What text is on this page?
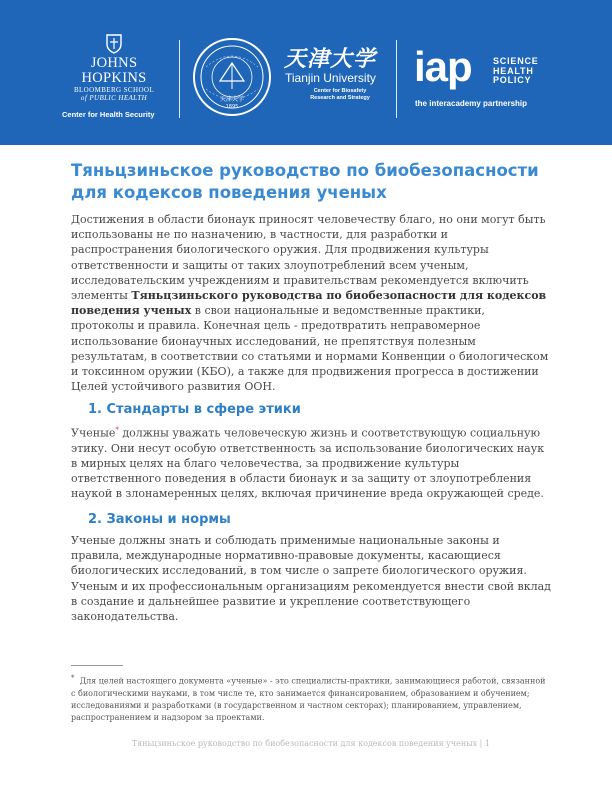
JOHNS HOPKINS
BLOOMBERG SCHOOL
of PUBLIC HEALTH
Center for Health Security
天津大学
1895
天津大学
Tianjin University
Center for Biosafety
Research and Strategy
iap SCIENCE
HEALTH
POLICY
the interacademy partnership
Тяньцзиньское руководство по биобезопасности для кодексов поведения ученых

Достижения в области бионаук приносят человечеству благо, но они могут быть использованы не по назначению, в частности, для разработки и распространения биологического оружия. Для продвижения культуры ответственности и защиты от таких злоупотреблений всем ученым, исследовательским учреждениям и правительствам рекомендуется включить элементы Тяньцзиньского руководства по биобезопасности для кодексов поведения ученых в свои национальные и ведомственные практики, протоколы и правила. Конечная цель - предотвратить неправомерное использование бионаучных исследований, не препятствуя полезным результатам, в соответствии со статьями и нормами Конвенции о биологическом и токсинном оружии (КБО), а также для продвижения прогресса в достижении Целей устойчивого развития ООН.

1. Стандарты в сфере этики

Ученые* должны уважать человеческую жизнь и соответствующую социальную этику. Они несут особую ответственность за использование биологических наук в мирных целях на благо человечества, за продвижение культуры ответственного поведения в области бионаук и за защиту от злоупотребления наукой в злонамеренных целях, включая причинение вреда окружающей среде.

2. Законы и нормы

Ученые должны знать и соблюдать применимые национальные законы и правила, международные нормативно-правовые документы, касающиеся биологических исследований, в том числе о запрете биологического оружия. Ученым и их профессиональным организациям рекомендуется внести свой вклад в создание и дальнейшее развитие и укрепление соответствующего законодательства.

* Для целей настоящего документа «ученые» - это специалисты-практики, занимающиеся работой, связанной с биологическими науками, в том числе те, кто занимается финансированием, образованием и обучением; исследованиями и разработками (в государственном и частном секторах); планированием, управлением, распространением и надзором за проектами.

Тяньцзиньское руководство по биобезопасности для кодексов поведения ученых | 1
